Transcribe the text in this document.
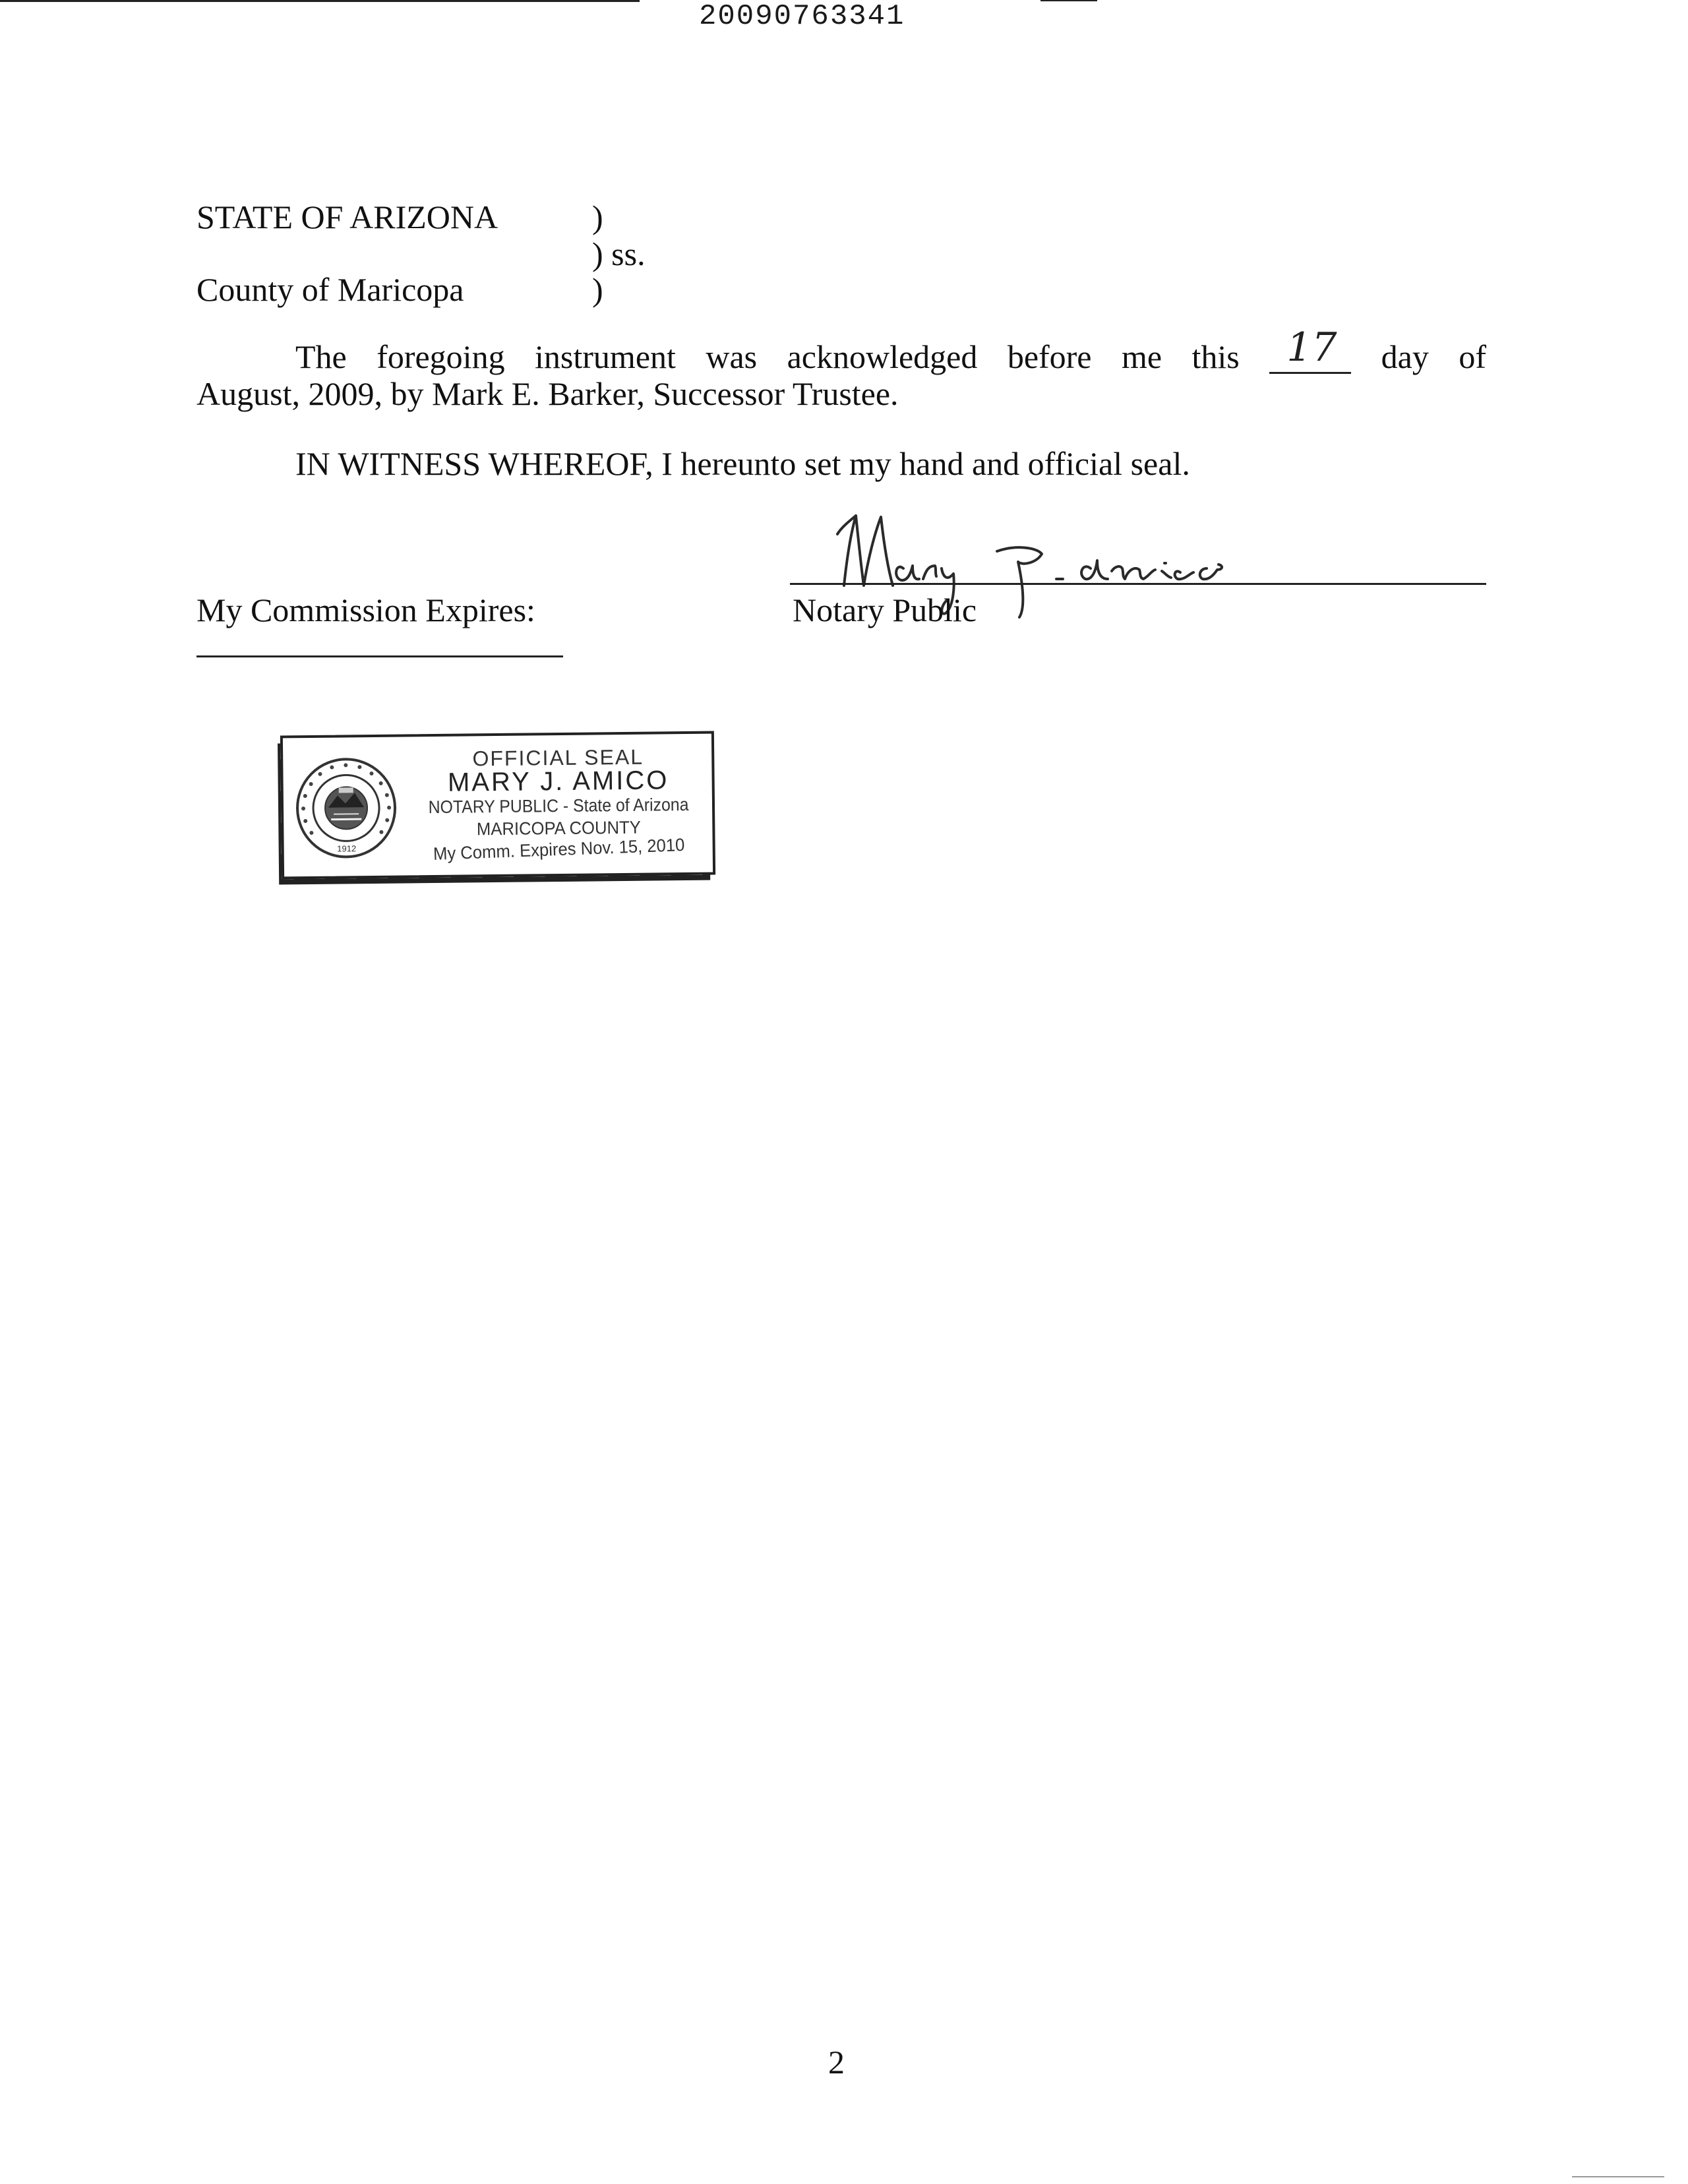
20090763341
STATE OF ARIZONA	)
) ss.
County of Maricopa	)
The foregoing instrument was acknowledged before me this 17 day of
August, 2009, by Mark E. Barker, Successor Trustee.
IN WITNESS WHEREOF, I hereunto set my hand and official seal.
My Commission Expires:	Notary Public
1912
OFFICIAL SEAL
MARY J. AMICO
NOTARY PUBLIC - State of Arizona
MARICOPA COUNTY
My Comm. Expires Nov. 15, 2010
2
